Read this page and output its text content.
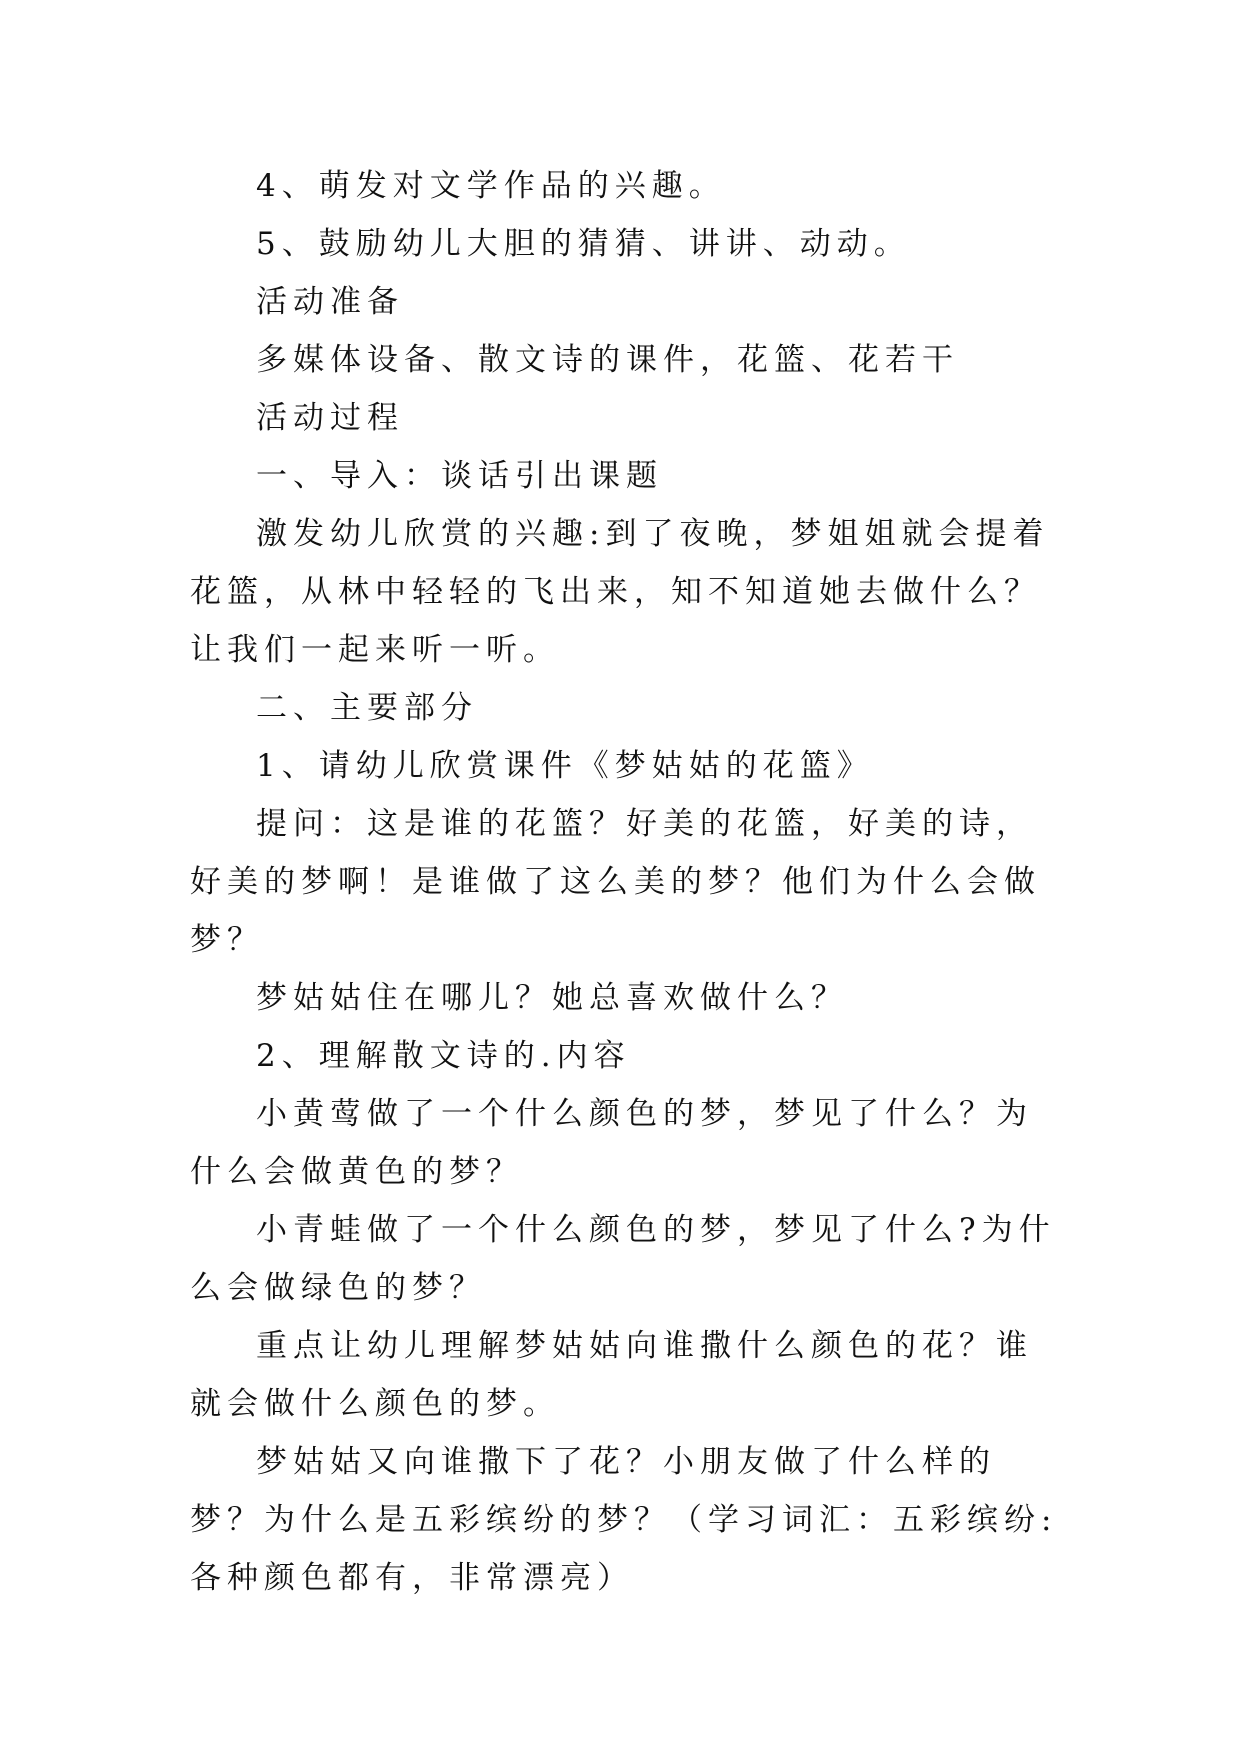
4、萌发对文学作品的兴趣。

5、鼓励幼儿大胆的猜猜、讲讲、动动。

活动准备

多媒体设备、散文诗的课件，花篮、花若干

活动过程

一、导入：谈话引出课题

激发幼儿欣赏的兴趣:到了夜晚，梦姐姐就会提着花篮，从林中轻轻的飞出来，知不知道她去做什么？让我们一起来听一听。

二、主要部分

1、请幼儿欣赏课件《梦姑姑的花篮》

提问：这是谁的花篮？好美的花篮，好美的诗，好美的梦啊！是谁做了这么美的梦？他们为什么会做梦？

梦姑姑住在哪儿？她总喜欢做什么？

2、理解散文诗的.内容

小黄莺做了一个什么颜色的梦，梦见了什么？为什么会做黄色的梦？

小青蛙做了一个什么颜色的梦，梦见了什么?为什么会做绿色的梦？

重点让幼儿理解梦姑姑向谁撒什么颜色的花？谁就会做什么颜色的梦。

梦姑姑又向谁撒下了花？小朋友做了什么样的梦？为什么是五彩缤纷的梦？（学习词汇：五彩缤纷:各种颜色都有，非常漂亮）
